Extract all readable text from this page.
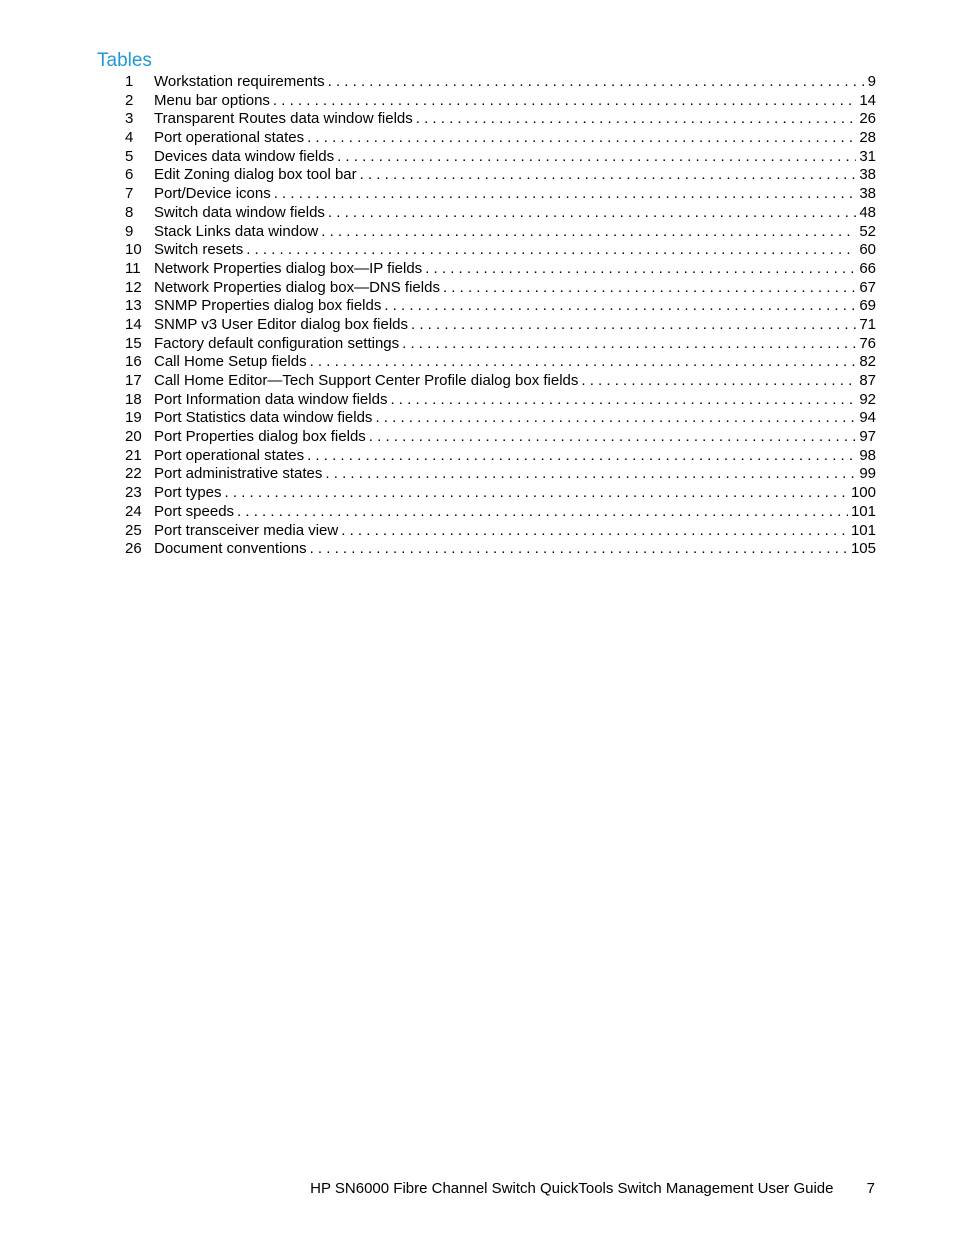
Tables
1	Workstation requirements . . .	9
2	Menu bar options . . .	14
3	Transparent Routes data window fields . . .	26
4	Port operational states . . .	28
5	Devices data window fields . . .	31
6	Edit Zoning dialog box tool bar . . .	38
7	Port/Device icons . . .	38
8	Switch data window fields . . .	48
9	Stack Links data window . . .	52
10 Switch resets . . .	60
11 Network Properties dialog box—IP fields . . .	66
12 Network Properties dialog box—DNS fields . . .	67
13 SNMP Properties dialog box fields . . .	69
14 SNMP v3 User Editor dialog box fields . . .	71
15 Factory default configuration settings . . .	76
16 Call Home Setup fields . . .	82
17 Call Home Editor—Tech Support Center Profile dialog box fields . . .	87
18 Port Information data window fields . . .	92
19 Port Statistics data window fields . . .	94
20 Port Properties dialog box fields . . .	97
21 Port operational states . . .	98
22 Port administrative states . . .	99
23 Port types . . .	100
24 Port speeds . . .	101
25 Port transceiver media view . . .	101
26 Document conventions . . .	105
HP SN6000 Fibre Channel Switch QuickTools Switch Management User Guide 7
